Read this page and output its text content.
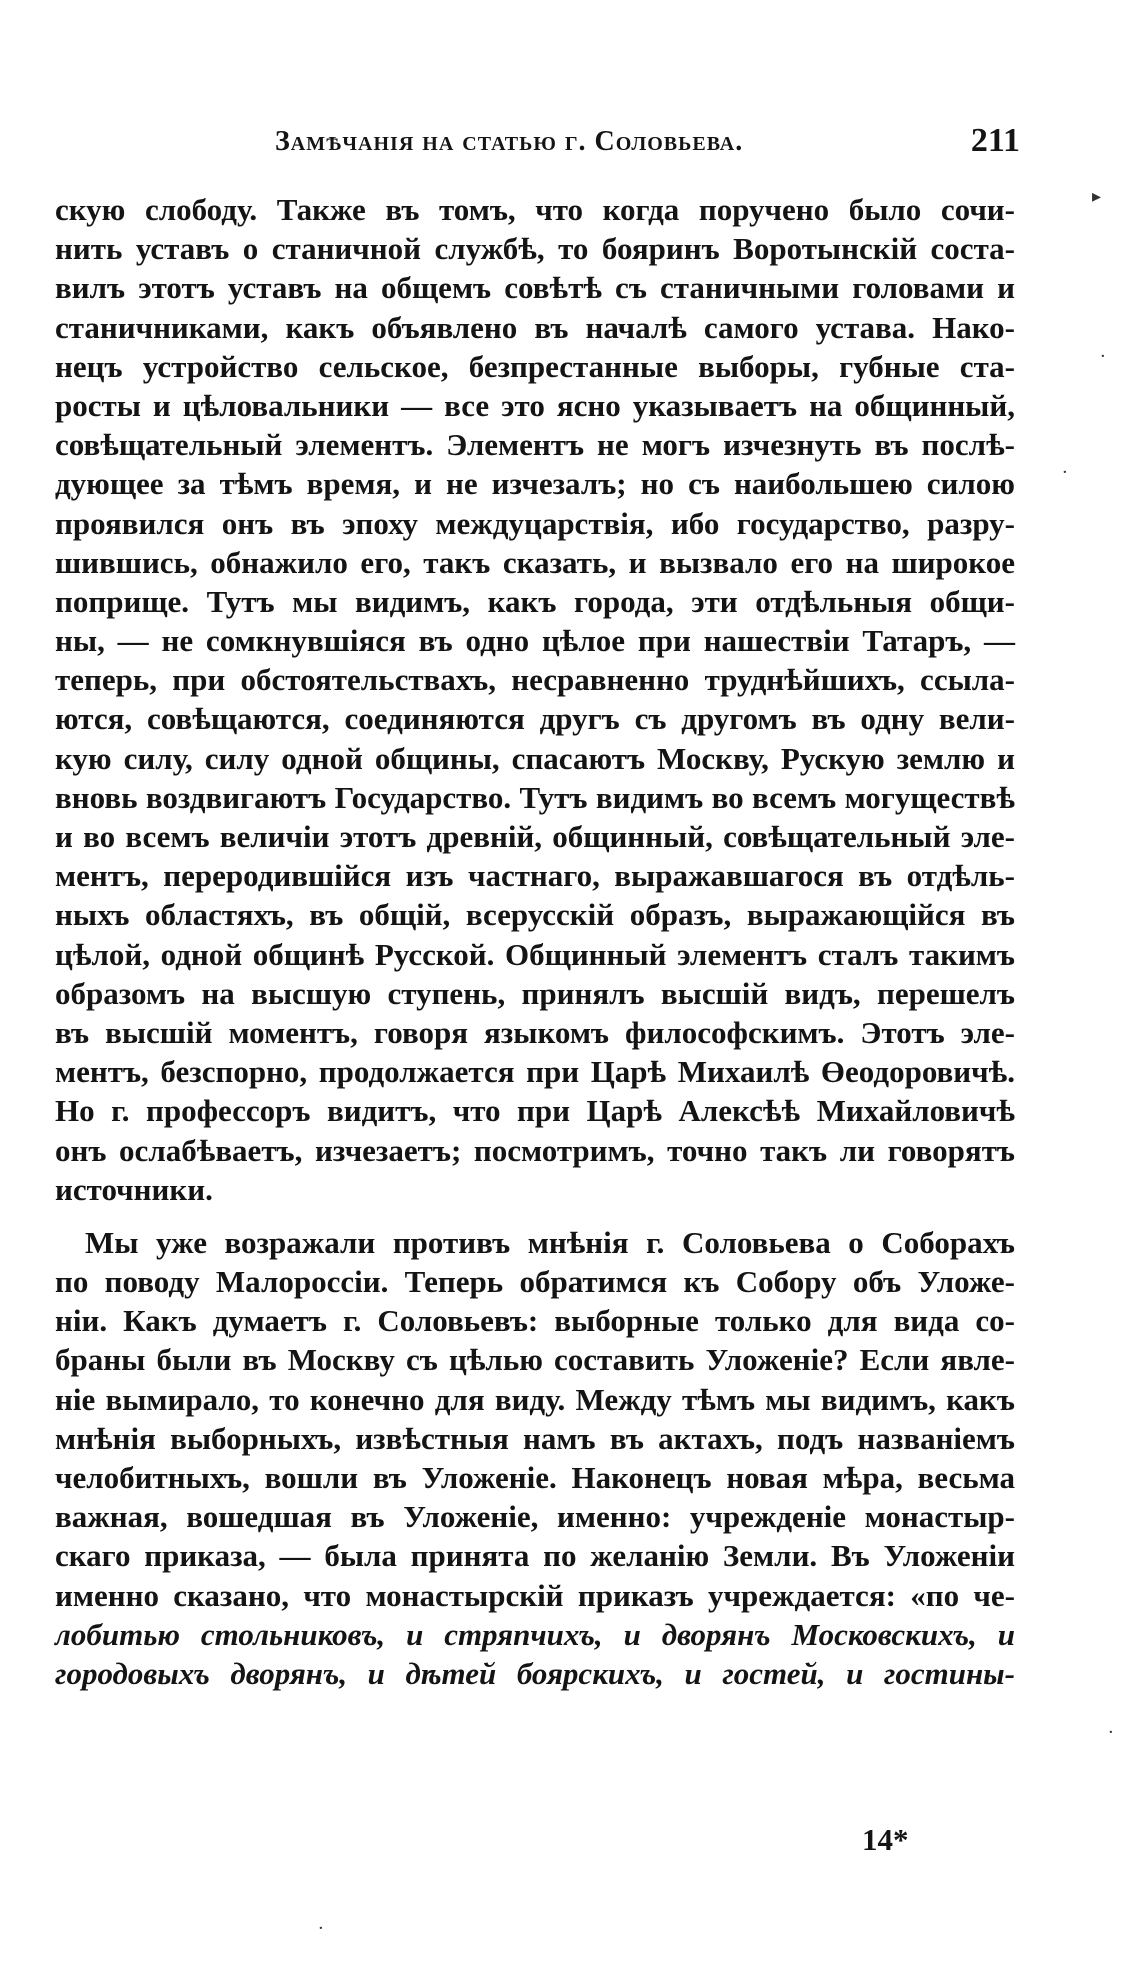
Замѣчанія на статью г. Соловьева.	211
скую слободу. Также въ томъ, что когда поручено было сочи-
нить уставъ о станичной службѣ, то бояринъ Воротынскій соста-
вилъ этотъ уставъ на общемъ совѣтѣ съ станичными головами и
станичниками, какъ объявлено въ началѣ самого устава. Нако-
нецъ устройство сельское, безпрестанные выборы, губные ста-
росты и цѣловальники — все это ясно указываетъ на общинный,
совѣщательный элементъ. Элементъ не могъ изчезнуть въ послѣ-
дующее за тѣмъ время, и не изчезалъ; но съ наибольшею силою
проявился онъ въ эпоху междуцарствія, ибо государство, разру-
шившись, обнажило его, такъ сказать, и вызвало его на широкое
поприще. Тутъ мы видимъ, какъ города, эти отдѣльныя общи-
ны, — не сомкнувшіяся въ одно цѣлое при нашествіи Татаръ, —
теперь, при обстоятельствахъ, несравненно труднѣйшихъ, ссыла-
ются, совѣщаются, соединяются другъ съ другомъ въ одну вели-
кую силу, силу одной общины, спасаютъ Москву, Рускую землю и
вновь воздвигаютъ Государство. Тутъ видимъ во всемъ могуществѣ
и во всемъ величіи этотъ древній, общинный, совѣщательный эле-
ментъ, переродившійся изъ частнаго, выражавшагося въ отдѣль-
ныхъ областяхъ, въ общій, всерусскій образъ, выражающійся въ
цѣлой, одной общинѣ Русской. Общинный элементъ сталъ такимъ
образомъ на высшую ступень, принялъ высшій видъ, перешелъ
въ высшій моментъ, говоря языкомъ философскимъ. Этотъ эле-
ментъ, безспорно, продолжается при Царѣ Михаилѣ Өеодоровичѣ.
Но г. профессоръ видитъ, что при Царѣ Алексѣѣ Михайловичѣ
онъ ослабѣваетъ, изчезаетъ; посмотримъ, точно такъ ли говорятъ
источники.
Мы уже возражали противъ мнѣнія г. Соловьева о Соборахъ
по поводу Малороссіи. Теперь обратимся къ Собору объ Уложе-
ніи. Какъ думаетъ г. Соловьевъ: выборные только для вида со-
браны были въ Москву съ цѣлью составить Уложеніе? Если явле-
ніе вымирало, то конечно для виду. Между тѣмъ мы видимъ, какъ
мнѣнія выборныхъ, извѣстныя намъ въ актахъ, подъ названіемъ
челобитныхъ, вошли въ Уложеніе. Наконецъ новая мѣра, весьма
важная, вошедшая въ Уложеніе, именно: учрежденіе монастыр-
скаго приказа, — была принята по желанію Земли. Въ Уложеніи
именно сказано, что монастырскій приказъ учреждается: «по че-
лобитью стольниковъ, и стряпчихъ, и дворянъ Московскихъ, и
городовыхъ дворянъ, и дѣтей боярскихъ, и гостей, и гостины-
14*
▸
·
·
·
·
